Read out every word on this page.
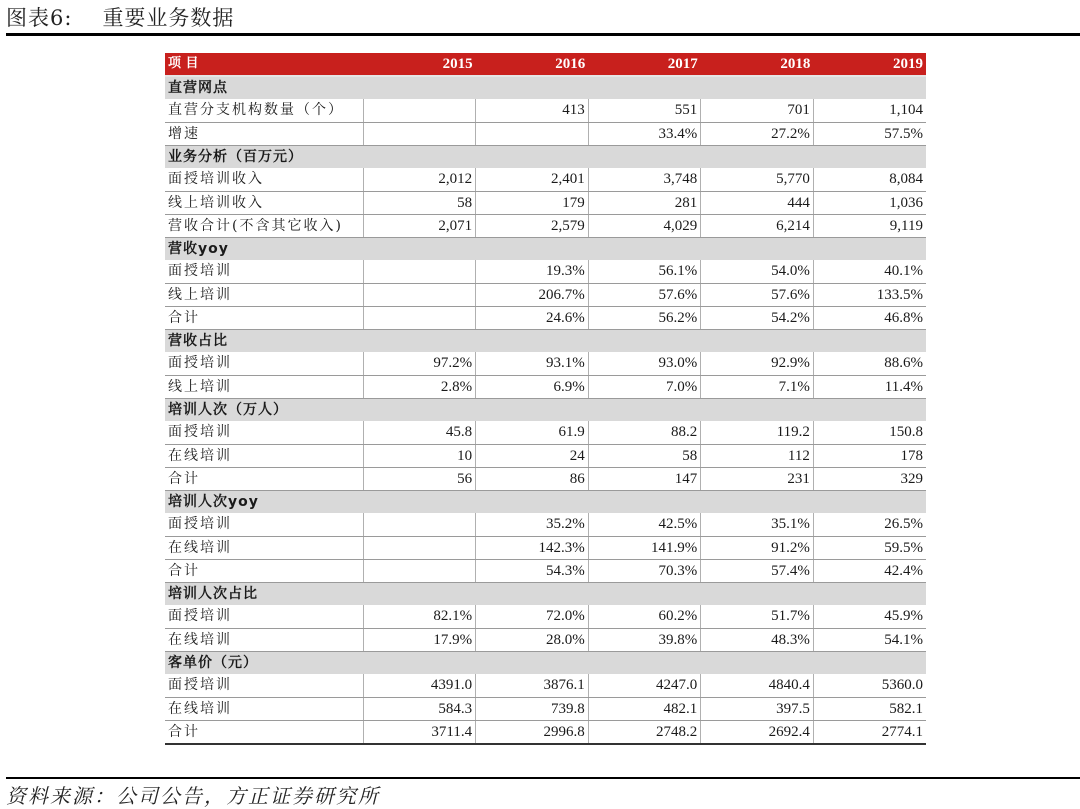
图表6: 重要业务数据
项 目	2015	2016	2017	2018	2019
直营网点					
直营分支机构数量（个）		413	551	701	1,104
增速			33.4%	27.2%	57.5%
业务分析（百万元）					
面授培训收入	2,012	2,401	3,748	5,770	8,084
线上培训收入	58	179	281	444	1,036
营收合计(不含其它收入)	2,071	2,579	4,029	6,214	9,119
营收yoy					
面授培训		19.3%	56.1%	54.0%	40.1%
线上培训		206.7%	57.6%	57.6%	133.5%
合计		24.6%	56.2%	54.2%	46.8%
营收占比					
面授培训	97.2%	93.1%	93.0%	92.9%	88.6%
线上培训	2.8%	6.9%	7.0%	7.1%	11.4%
培训人次（万人）					
面授培训	45.8	61.9	88.2	119.2	150.8
在线培训	10	24	58	112	178
合计	56	86	147	231	329
培训人次yoy					
面授培训		35.2%	42.5%	35.1%	26.5%
在线培训		142.3%	141.9%	91.2%	59.5%
合计		54.3%	70.3%	57.4%	42.4%
培训人次占比					
面授培训	82.1%	72.0%	60.2%	51.7%	45.9%
在线培训	17.9%	28.0%	39.8%	48.3%	54.1%
客单价（元）					
面授培训	4391.0	3876.1	4247.0	4840.4	5360.0
在线培训	584.3	739.8	482.1	397.5	582.1
合计	3711.4	2996.8	2748.2	2692.4	2774.1
资料来源：公司公告，方正证券研究所
